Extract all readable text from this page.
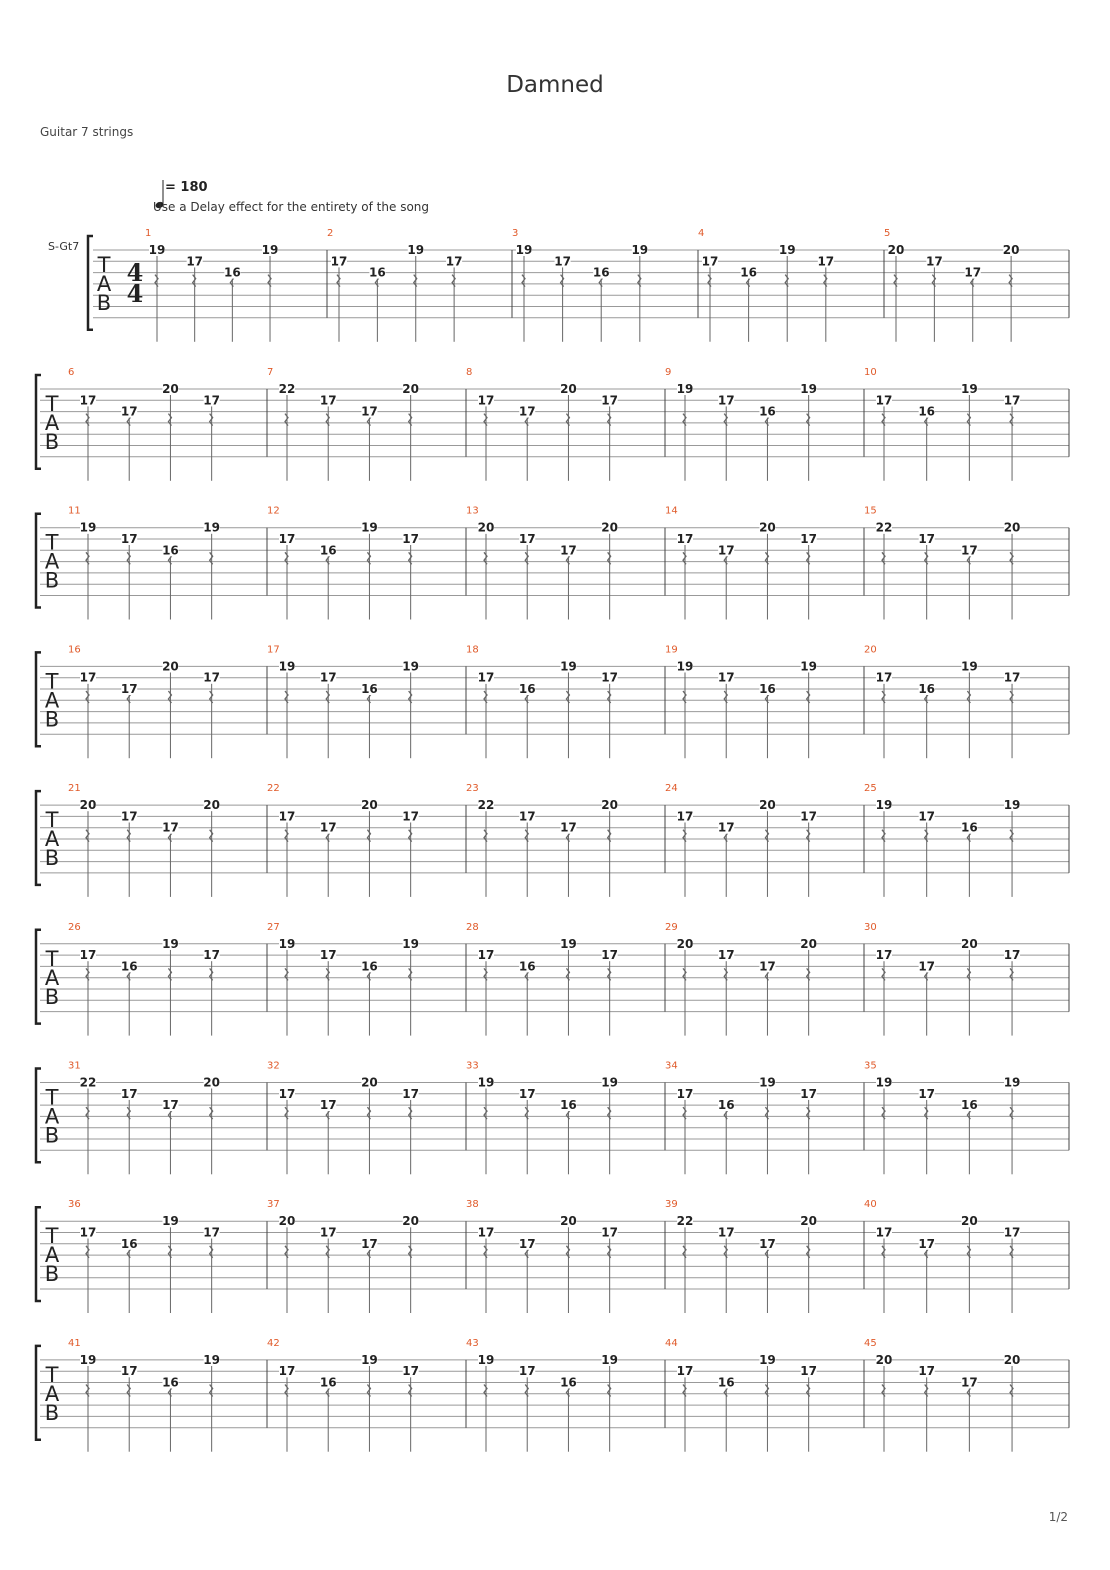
Damned
Guitar 7 strings
= 180
Use a Delay effect for the entirety of the song
S-Gt7
1/2
T
A
B
4
4
1
19
17
16
19
2
17
16
19
17
3
19
17
16
19
4
17
16
19
17
5
20
17
17
20
T
A
B
6
17
17
20
17
7
22
17
17
20
8
17
17
20
17
9
19
17
16
19
10
17
16
19
17
T
A
B
11
19
17
16
19
12
17
16
19
17
13
20
17
17
20
14
17
17
20
17
15
22
17
17
20
T
A
B
16
17
17
20
17
17
19
17
16
19
18
17
16
19
17
19
19
17
16
19
20
17
16
19
17
T
A
B
21
20
17
17
20
22
17
17
20
17
23
22
17
17
20
24
17
17
20
17
25
19
17
16
19
T
A
B
26
17
16
19
17
27
19
17
16
19
28
17
16
19
17
29
20
17
17
20
30
17
17
20
17
T
A
B
31
22
17
17
20
32
17
17
20
17
33
19
17
16
19
34
17
16
19
17
35
19
17
16
19
T
A
B
36
17
16
19
17
37
20
17
17
20
38
17
17
20
17
39
22
17
17
20
40
17
17
20
17
T
A
B
41
19
17
16
19
42
17
16
19
17
43
19
17
16
19
44
17
16
19
17
45
20
17
17
20
